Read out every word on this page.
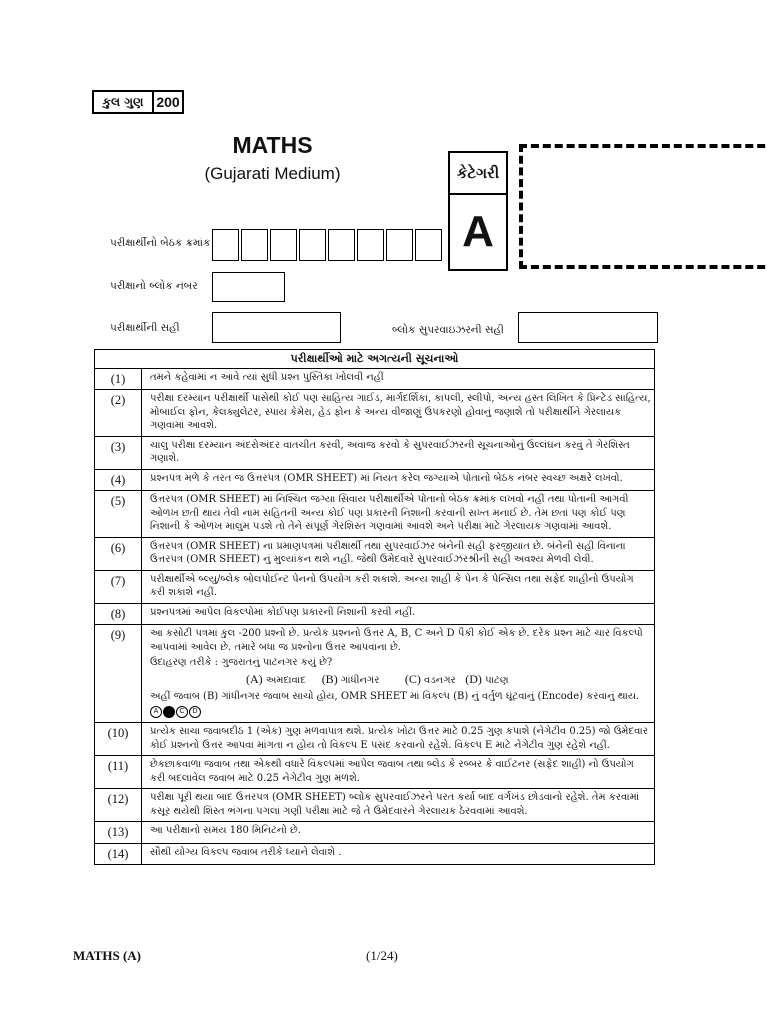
કુલ ગુણ 200
MATHS
(Gujarati Medium)	કેટેગરી
A
પરીક્ષાર્થીનો બેઠક ક્રમાંક
પરીક્ષાનો બ્લોક નંબર
પરીક્ષાર્થીની સહી	બ્લોક સુપરવાઇઝરની સહી
પરીક્ષાર્થીઓ માટે અગત્યની સૂચનાઓ	
(1)	તમને કહેવામાં ન આવે ત્યાં સુધી પ્રશ્ન પુસ્તિકા ખોલવી નહીં
(2)	પરીક્ષા દરમ્યાન પરીક્ષાર્થી પાસેથી કોઈ પણ સાહિત્ય ગાઈડ, માર્ગદર્શિકા, કાપલી, સ્લીપો, અન્ય હસ્ત લિખિત કે પ્રિન્ટેડ સાહિત્ય, મોબાઈલ ફોન, કેલક્યુલેટર, સ્પાય કેમેરા, હેડ ફોન કે અન્ય વીજાણું ઉપકરણો હોવાનું જણાશે તો પરીક્ષાર્થીને ગેરલાયક ગણવામાં આવશે.
(3)	ચાલુ પરીક્ષા દરમ્યાન અંદરોઅંદર વાતચીત કરવી, અવાજ કરવો કે સુપરવાઈઝરની સૂચનાઓનું ઉલ્લંઘન કરવું તે ગેરશિસ્ત ગણાશે.
(4)	પ્રશ્નપત્ર મળે કે તરત જ ઉત્તરપત્ર (OMR SHEET) માં નિયત કરેલ જગ્યાએ પોતાનો બેઠક નંબર સ્વચ્છ અક્ષરે લખવો.
(5)	ઉત્તરપત્ર (OMR SHEET) માં નિશ્ચિત જગ્યા સિવાય પરીક્ષાર્થીએ પોતાનો બેઠક ક્રમાંક લખવો નહીં તથા પોતાની આગવી ઓળખ છતી થાય તેવી નામ સહિતની અન્ય કોઈ પણ પ્રકારની નિશાની કરવાની સખ્ત મનાઈ છે. તેમ છતાં પણ કોઈ પણ નિશાની કે ઓળખ માલુમ પડશે તો તેને સંપૂર્ણ ગેરશિસ્ત ગણવામાં આવશે અને પરીક્ષા માટે ગેરલાયક ગણવામાં આવશે.
(6)	ઉત્તરપત્ર (OMR SHEET) ના પ્રમાણપત્રમાં પરીક્ષાર્થી તથા સુપરવાઈઝર બંનેની સહી ફરજીયાત છે. બંનેની સહી વિનાના ઉત્તરપત્ર (OMR SHEET) નું મુલ્યાંકન થશે નહીં. જેથી ઉમેદવારે સુપરવાઈઝરશ્રીની સહી અવશ્ય મેળવી લેવી.
(7)	પરીક્ષાર્થીએ બ્લ્યુ/બ્લેક બોલપોઈન્ટ પેનનો ઉપયોગ કરી શકાશે. અન્ય શાહી કે પેન કે પેન્સિલ તથા સફેદ શાહીનો ઉપયોગ કરી શકાશે નહીં.
(8)	પ્રશ્નપત્રમાં આપેલ વિકલ્પોમાં કોઈપણ પ્રકારની નિશાની કરવી નહીં.
(9)	આ કસોટી પત્રમાં કુલ -200 પ્રશ્નો છે. પ્રત્યેક પ્રશ્નનો ઉત્તર A, B, C અને D પૈકી કોઈ એક છે. દરેક પ્રશ્ન માટે ચાર વિકલ્પો આપવામાં આવેલ છે. તમારે બધા જ પ્રશ્નોના ઉત્તર આપવાના છે.
ઉદાહરણ તરીકે : ગુજરાતનું પાટનગર કયું છે?
(A) અમદાવાદ (B) ગાંધીનગર (C) વડનગર (D) પાટણ
અહીં જવાબ (B) ગાંધીનગર જવાબ સાચો હોય, OMR SHEET માં વિકલ્પ (B) નું વર્તુળ ઘૂંટવાનું (Encode) કરવાનું થાય.
A C D

(10)	પ્રત્યેક સાચા જવાબદીઠ 1 (એક) ગુણ મળવાપાત્ર થશે. પ્રત્યેક ખોટા ઉત્તર માટે 0.25 ગુણ કપાશે (નેગેટીવ 0.25) જો ઉમેદવાર કોઈ પ્રશ્નનો ઉત્તર આપવા માંગતા ન હોય તો વિકલ્પ E પસંદ કરવાનો રહેશે. વિકલ્પ E માટે નેગેટીવ ગુણ રહેશે નહીં.
(11)	છેકછાકવાળા જવાબ તથા એકથી વધારે વિકલ્પમાં આપેલ જવાબ તથા બ્લેડ કે રબ્બર કે વાઈટનર (સફેદ શાહી) નો ઉપયોગ કરી બદલાવેલ જવાબ માટે 0.25 નેગેટીવ ગુણ મળશે.
(12)	પરીક્ષા પૂરી થયા બાદ ઉત્તરપત્ર (OMR SHEET) બ્લોક સુપરવાઈઝરને પરત કર્યા બાદ વર્ગખંડ છોડવાનો રહેશે. તેમ કરવામાં કસૂર થયેથી શિસ્ત ભંગના પગલાં ગણી પરીક્ષા માટે જે તે ઉમેદવારને ગેરલાયક ઠેરવવામાં આવશે.
(13)	આ પરીક્ષાનો સમય 180 મિનિટનો છે.
(14)	સૌથી યોગ્ય વિકલ્પ જવાબ તરીકે ધ્યાને લેવાશે .
MATHS (A)	(1/24)
